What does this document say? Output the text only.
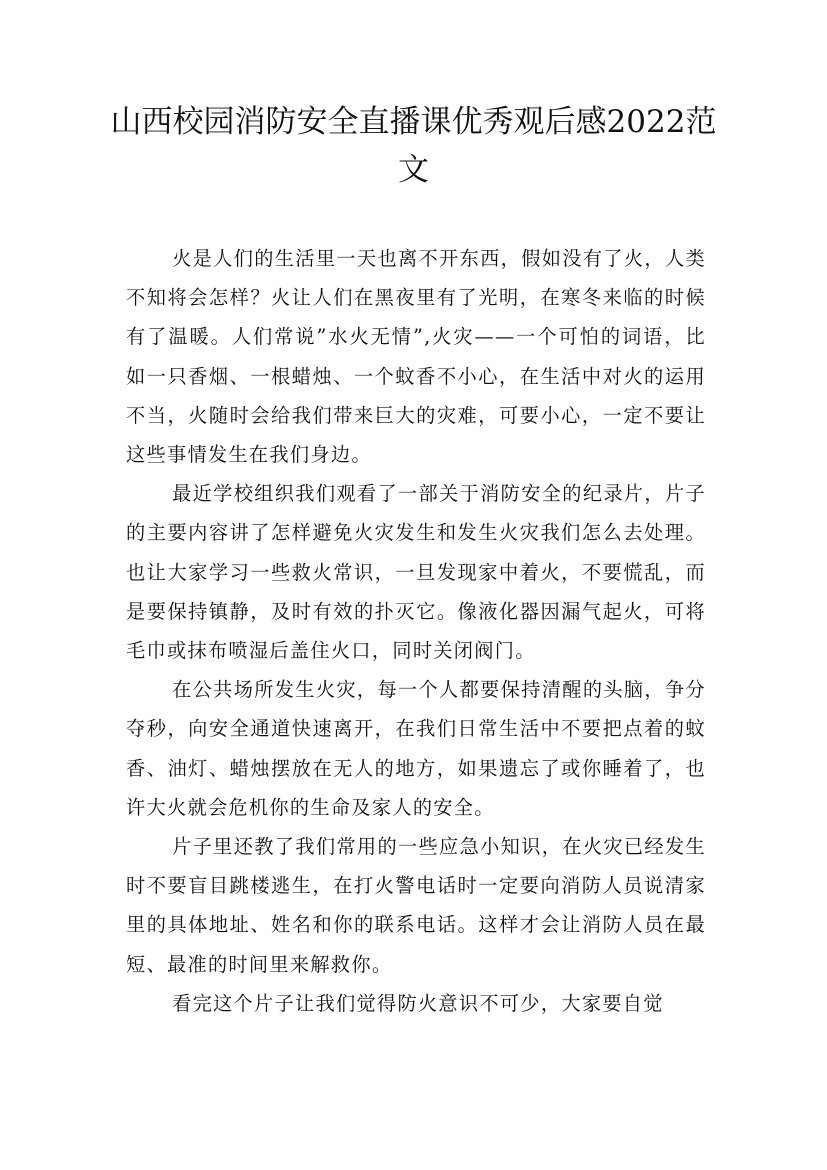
山西校园消防安全直播课优秀观后感2022范文

火是人们的生活里一天也离不开东西，假如没有了火，人类不知将会怎样？火让人们在黑夜里有了光明，在寒冬来临的时候有了温暖。人们常说”水火无情”,火灾——一个可怕的词语，比如一只香烟、一根蜡烛、一个蚊香不小心，在生活中对火的运用不当，火随时会给我们带来巨大的灾难，可要小心，一定不要让这些事情发生在我们身边。

最近学校组织我们观看了一部关于消防安全的纪录片，片子的主要内容讲了怎样避免火灾发生和发生火灾我们怎么去处理。也让大家学习一些救火常识，一旦发现家中着火，不要慌乱，而是要保持镇静，及时有效的扑灭它。像液化器因漏气起火，可将毛巾或抹布喷湿后盖住火口，同时关闭阀门。

在公共场所发生火灾，每一个人都要保持清醒的头脑，争分夺秒，向安全通道快速离开，在我们日常生活中不要把点着的蚊香、油灯、蜡烛摆放在无人的地方，如果遗忘了或你睡着了，也许大火就会危机你的生命及家人的安全。

片子里还教了我们常用的一些应急小知识，在火灾已经发生时不要盲目跳楼逃生，在打火警电话时一定要向消防人员说清家里的具体地址、姓名和你的联系电话。这样才会让消防人员在最短、最准的时间里来解救你。

看完这个片子让我们觉得防火意识不可少，大家要自觉
